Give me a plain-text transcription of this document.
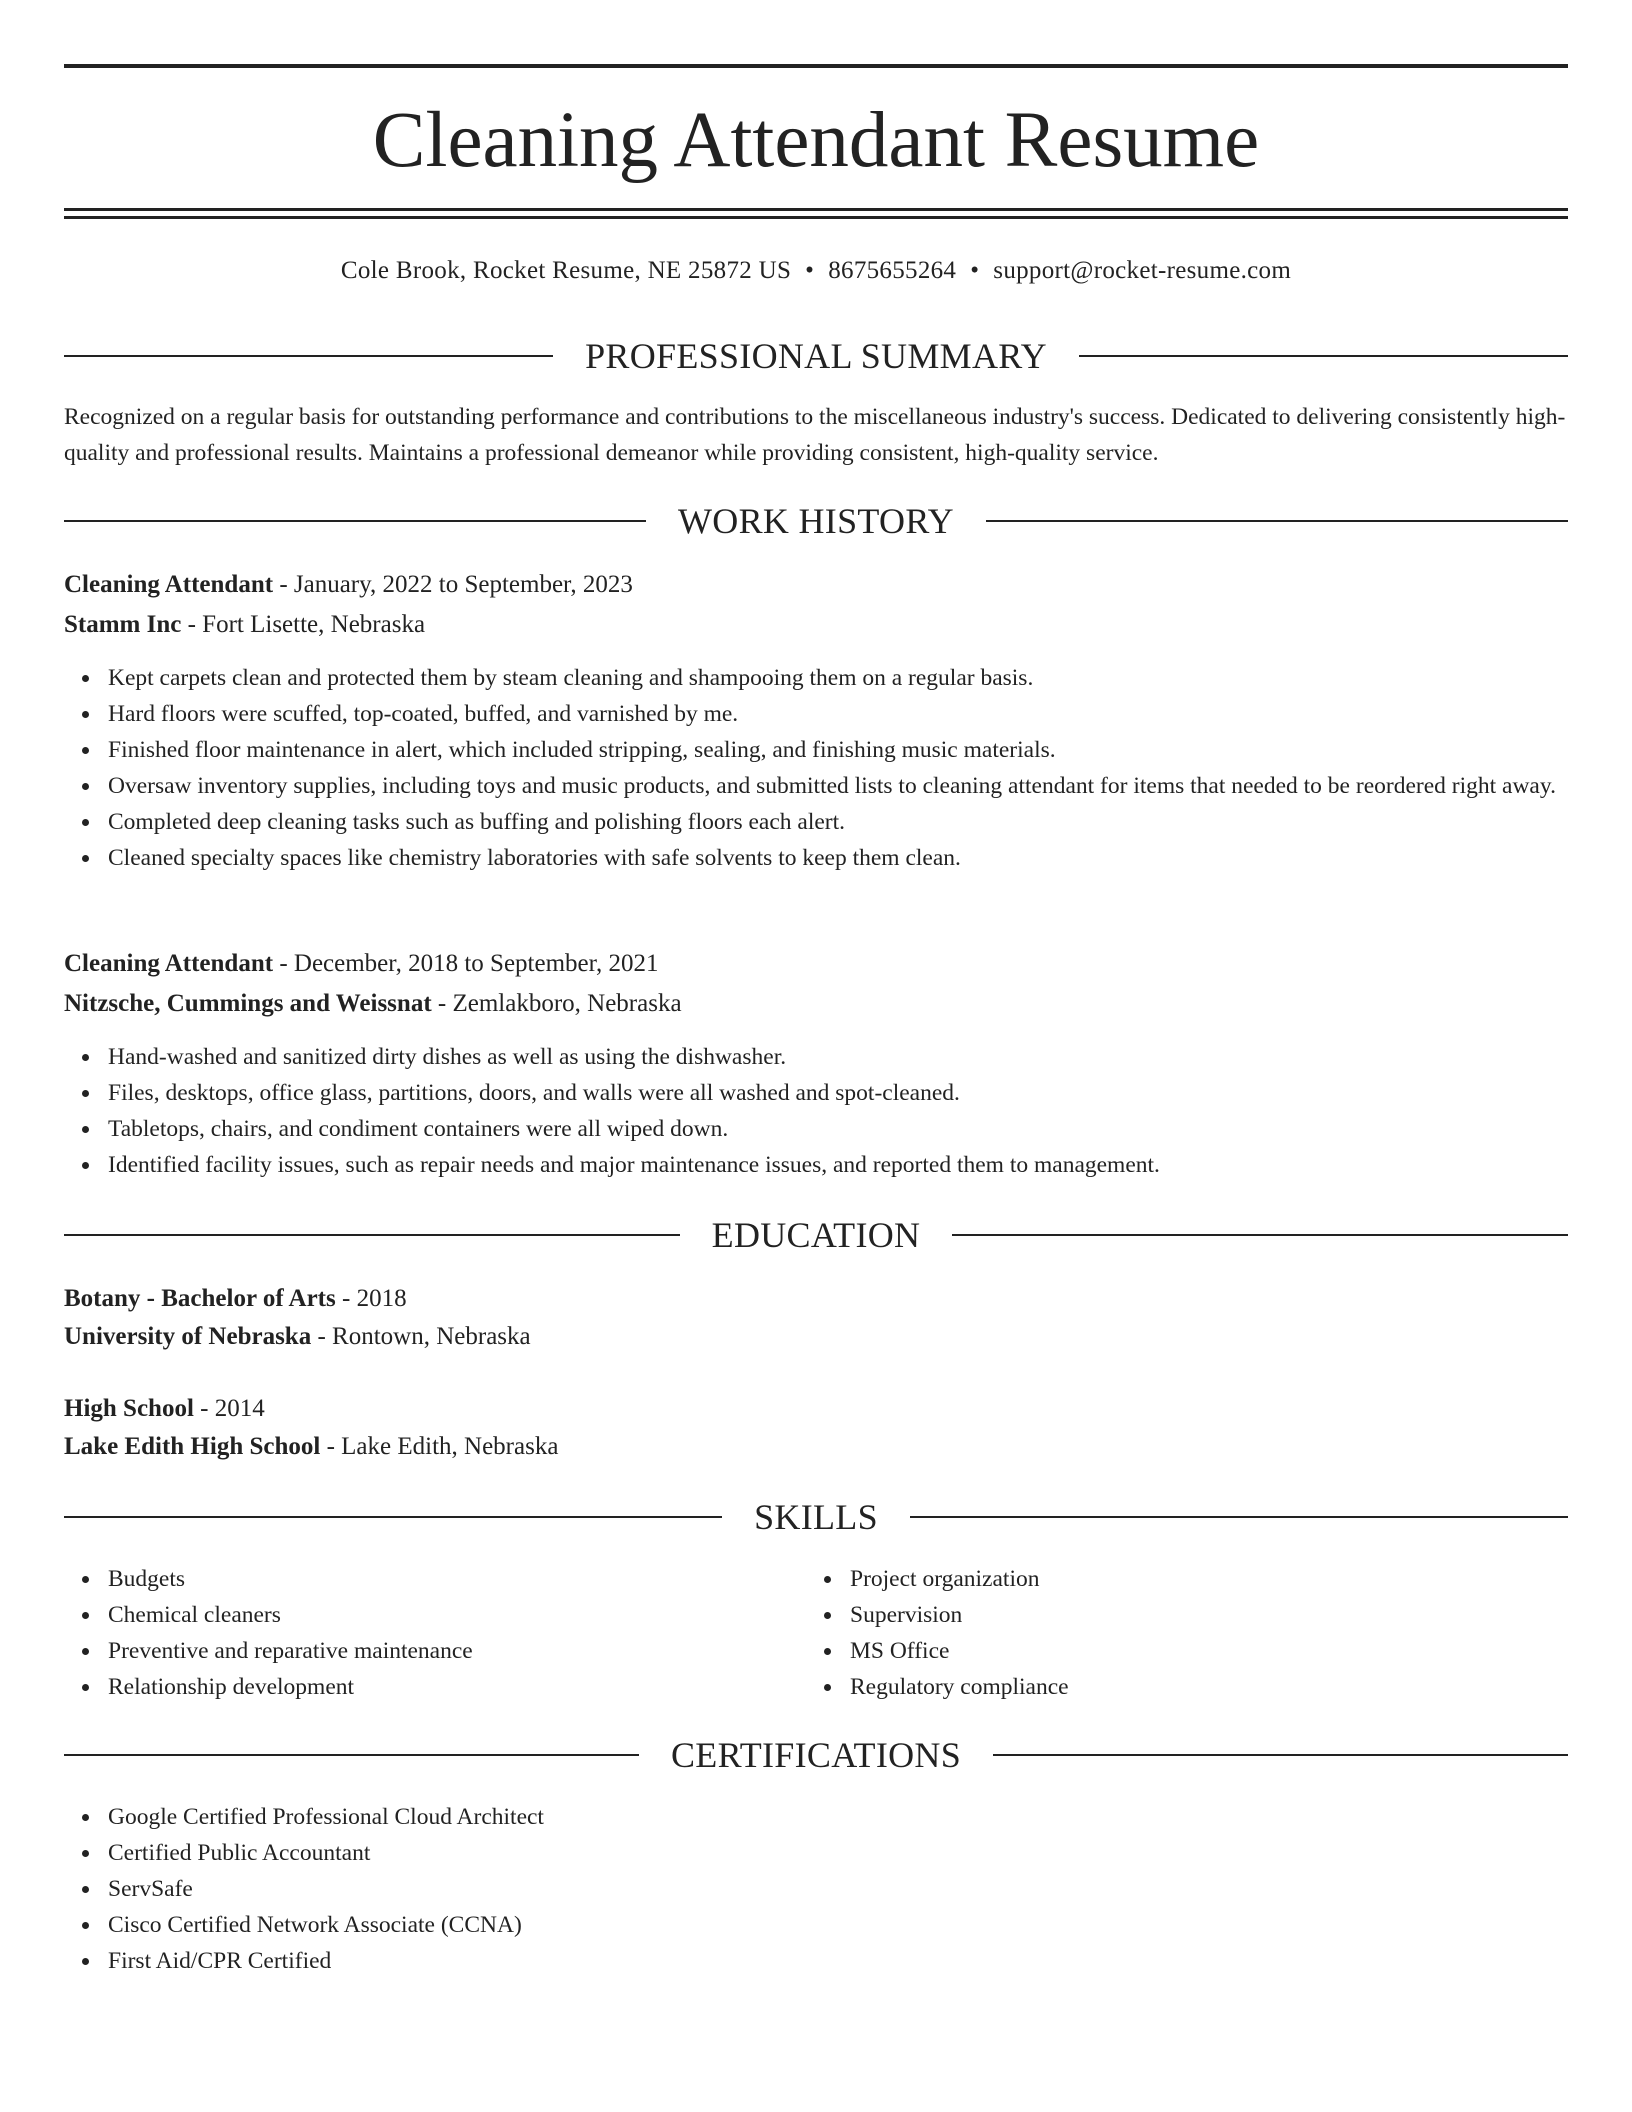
Cleaning Attendant Resume
Cole Brook, Rocket Resume, NE 25872 US • 8675655264 • support@rocket-resume.com
PROFESSIONAL SUMMARY
Recognized on a regular basis for outstanding performance and contributions to the miscellaneous industry's success. Dedicated to delivering consistently high-quality and professional results. Maintains a professional demeanor while providing consistent, high-quality service.
WORK HISTORY
Cleaning Attendant - January, 2022 to September, 2023
Stamm Inc - Fort Lisette, Nebraska
Kept carpets clean and protected them by steam cleaning and shampooing them on a regular basis.
Hard floors were scuffed, top-coated, buffed, and varnished by me.
Finished floor maintenance in alert, which included stripping, sealing, and finishing music materials.
Oversaw inventory supplies, including toys and music products, and submitted lists to cleaning attendant for items that needed to be reordered right away.
Completed deep cleaning tasks such as buffing and polishing floors each alert.
Cleaned specialty spaces like chemistry laboratories with safe solvents to keep them clean.
Cleaning Attendant - December, 2018 to September, 2021
Nitzsche, Cummings and Weissnat - Zemlakboro, Nebraska
Hand-washed and sanitized dirty dishes as well as using the dishwasher.
Files, desktops, office glass, partitions, doors, and walls were all washed and spot-cleaned.
Tabletops, chairs, and condiment containers were all wiped down.
Identified facility issues, such as repair needs and major maintenance issues, and reported them to management.
EDUCATION
Botany - Bachelor of Arts - 2018
University of Nebraska - Rontown, Nebraska
High School - 2014
Lake Edith High School - Lake Edith, Nebraska
SKILLS
Budgets
Chemical cleaners
Preventive and reparative maintenance
Relationship development
Project organization
Supervision
MS Office
Regulatory compliance
CERTIFICATIONS
Google Certified Professional Cloud Architect
Certified Public Accountant
ServSafe
Cisco Certified Network Associate (CCNA)
First Aid/CPR Certified
